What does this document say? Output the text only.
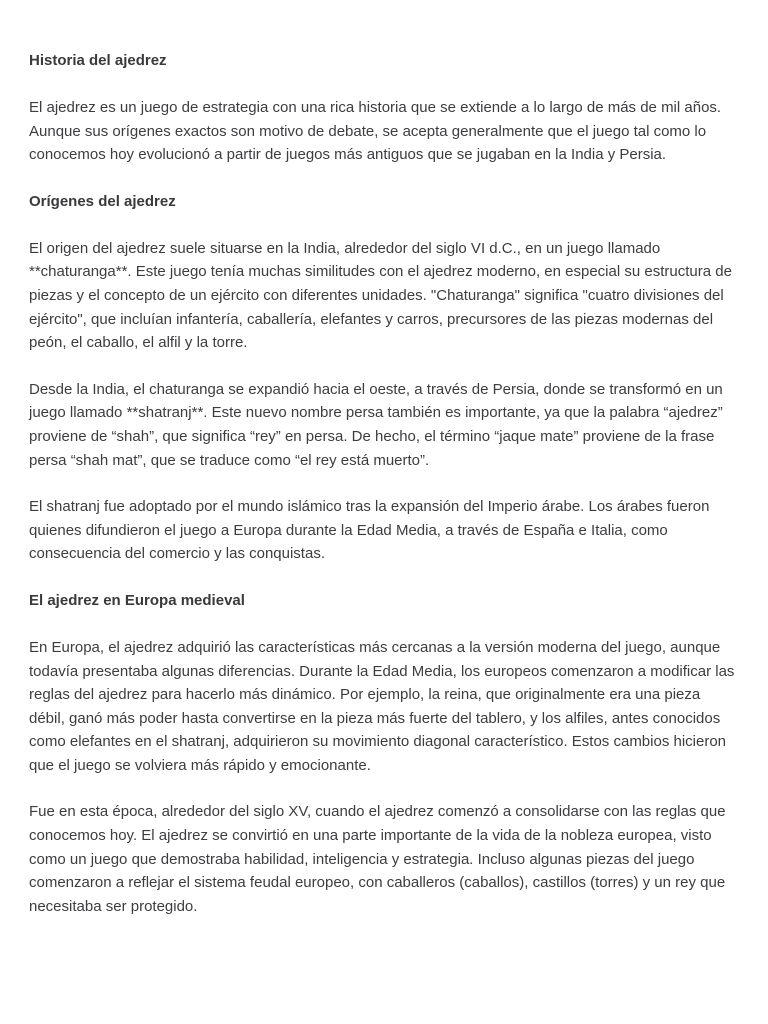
Historia del ajedrez
El ajedrez es un juego de estrategia con una rica historia que se extiende a lo largo de más de mil años. Aunque sus orígenes exactos son motivo de debate, se acepta generalmente que el juego tal como lo conocemos hoy evolucionó a partir de juegos más antiguos que se jugaban en la India y Persia.
Orígenes del ajedrez
El origen del ajedrez suele situarse en la India, alrededor del siglo VI d.C., en un juego llamado **chaturanga**. Este juego tenía muchas similitudes con el ajedrez moderno, en especial su estructura de piezas y el concepto de un ejército con diferentes unidades. "Chaturanga" significa "cuatro divisiones del ejército", que incluían infantería, caballería, elefantes y carros, precursores de las piezas modernas del peón, el caballo, el alfil y la torre.
Desde la India, el chaturanga se expandió hacia el oeste, a través de Persia, donde se transformó en un juego llamado **shatranj**. Este nuevo nombre persa también es importante, ya que la palabra “ajedrez” proviene de “shah”, que significa “rey” en persa. De hecho, el término “jaque mate” proviene de la frase persa “shah mat”, que se traduce como “el rey está muerto”.
El shatranj fue adoptado por el mundo islámico tras la expansión del Imperio árabe. Los árabes fueron quienes difundieron el juego a Europa durante la Edad Media, a través de España e Italia, como consecuencia del comercio y las conquistas.
El ajedrez en Europa medieval
En Europa, el ajedrez adquirió las características más cercanas a la versión moderna del juego, aunque todavía presentaba algunas diferencias. Durante la Edad Media, los europeos comenzaron a modificar las reglas del ajedrez para hacerlo más dinámico. Por ejemplo, la reina, que originalmente era una pieza débil, ganó más poder hasta convertirse en la pieza más fuerte del tablero, y los alfiles, antes conocidos como elefantes en el shatranj, adquirieron su movimiento diagonal característico. Estos cambios hicieron que el juego se volviera más rápido y emocionante.
Fue en esta época, alrededor del siglo XV, cuando el ajedrez comenzó a consolidarse con las reglas que conocemos hoy. El ajedrez se convirtió en una parte importante de la vida de la nobleza europea, visto como un juego que demostraba habilidad, inteligencia y estrategia. Incluso algunas piezas del juego comenzaron a reflejar el sistema feudal europeo, con caballeros (caballos), castillos (torres) y un rey que necesitaba ser protegido.
